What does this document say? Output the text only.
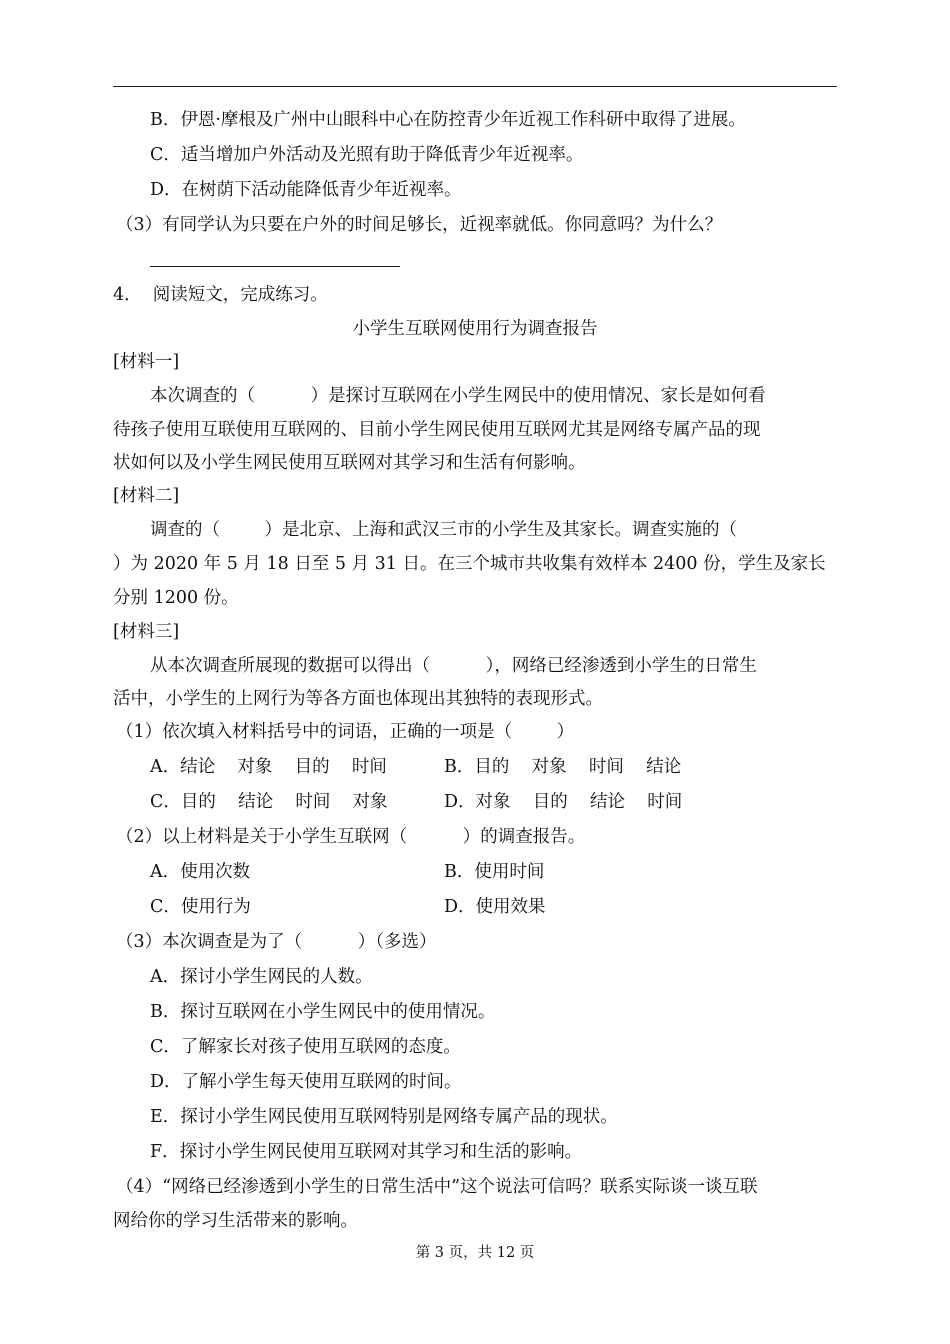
B．伊恩·摩根及广州中山眼科中心在防控青少年近视工作科研中取得了进展。
C．适当增加户外活动及光照有助于降低青少年近视率。
D．在树荫下活动能降低青少年近视率。
（3）有同学认为只要在户外的时间足够长，近视率就低。你同意吗？为什么？
4．  阅读短文，完成练习。
小学生互联网使用行为调查报告
[材料一]
本次调查的（          ）是探讨互联网在小学生网民中的使用情况、家长是如何看
待孩子使用互联使用互联网的、目前小学生网民使用互联网尤其是网络专属产品的现
状如何以及小学生网民使用互联网对其学习和生活有何影响。
[材料二]
调查的（        ）是北京、上海和武汉三市的小学生及其家长。调查实施的（
）为 2020 年 5 月 18 日至 5 月 31 日。在三个城市共收集有效样本 2400 份，学生及家长
分别 1200 份。
[材料三]
从本次调查所展现的数据可以得出（          ），网络已经渗透到小学生的日常生
活中，小学生的上网行为等各方面也体现出其独特的表现形式。
（1）依次填入材料括号中的词语，正确的一项是（        ）
A．结论    对象    目的    时间	B．目的    对象    时间    结论
C．目的    结论    时间    对象	D．对象    目的    结论    时间
（2）以上材料是关于小学生互联网（          ）的调查报告。
A．使用次数	B．使用时间
C．使用行为	D．使用效果
（3）本次调查是为了（          ）（多选）
A．探讨小学生网民的人数。
B．探讨互联网在小学生网民中的使用情况。
C．了解家长对孩子使用互联网的态度。
D．了解小学生每天使用互联网的时间。
E．探讨小学生网民使用互联网特别是网络专属产品的现状。
F．探讨小学生网民使用互联网对其学习和生活的影响。
（4）“网络已经渗透到小学生的日常生活中”这个说法可信吗？联系实际谈一谈互联
网给你的学习生活带来的影响。
第 3 页，共 12 页
